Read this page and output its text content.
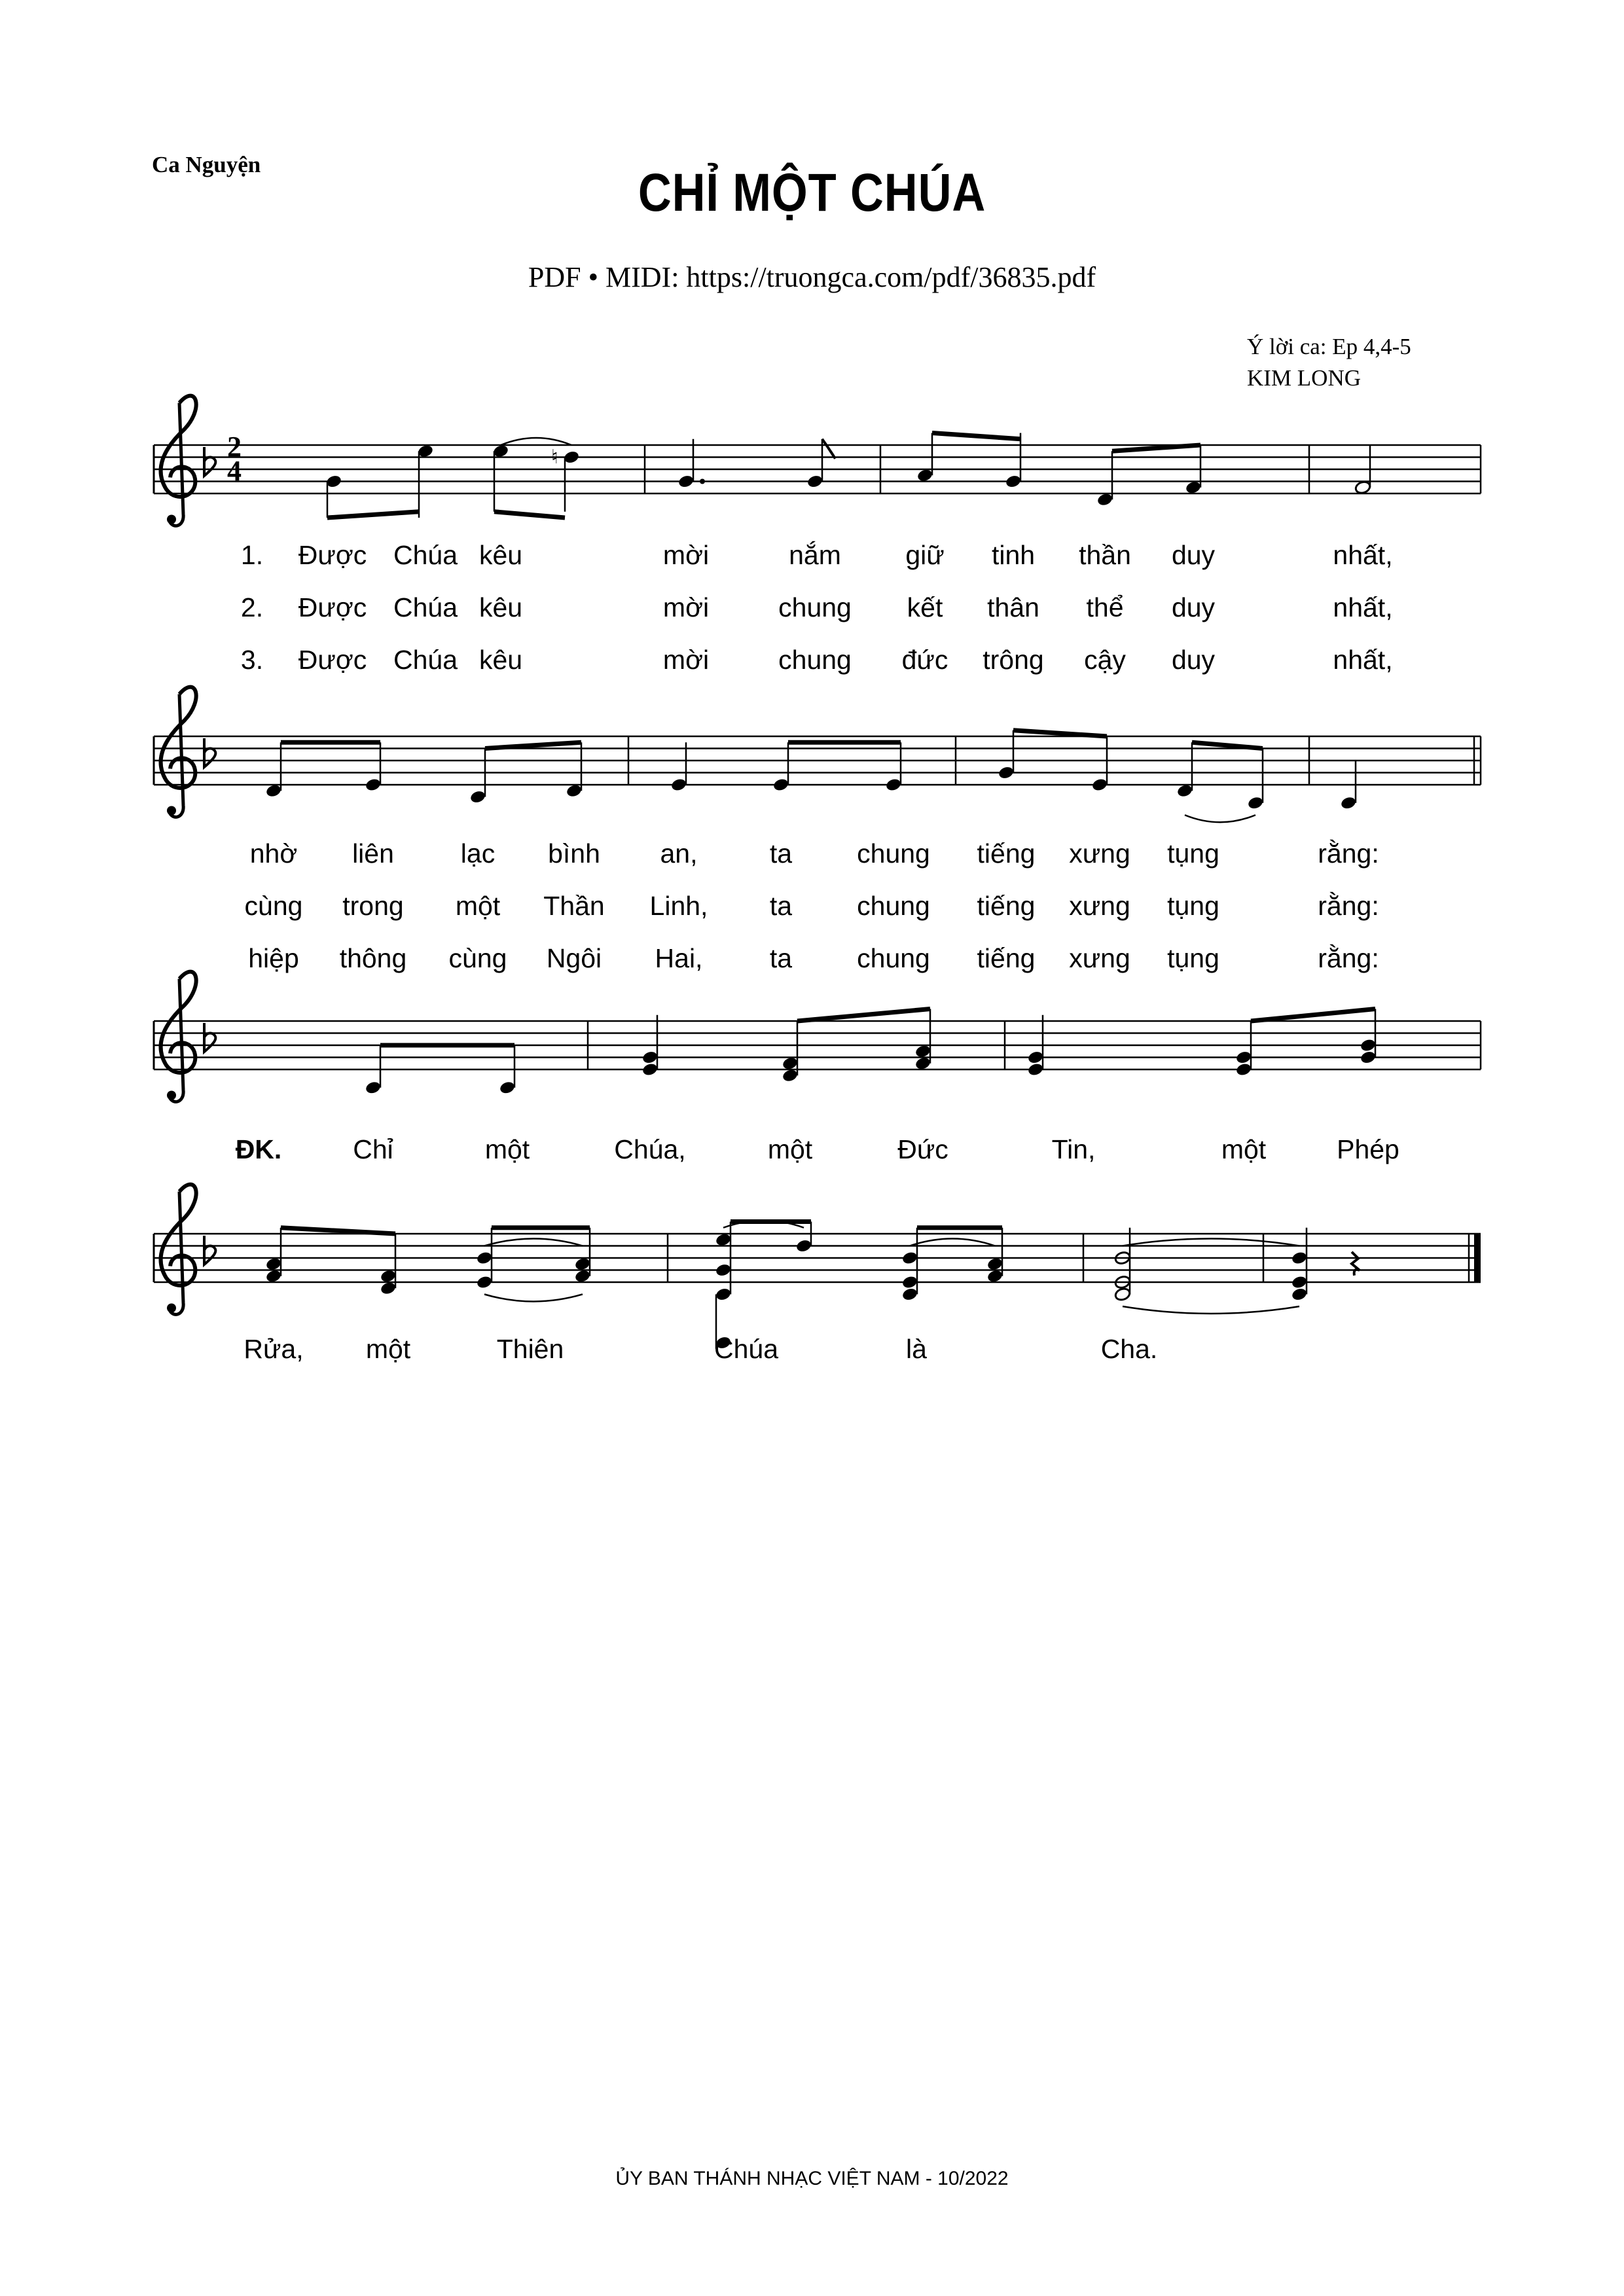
Ca Nguyện	CHỈ MỘT CHÚA
PDF • MIDI: https://truongca.com/pdf/36835.pdf
Ý lời ca: Ep 4,4-5
KIM LONG
2
4	♮
1. Được Chúa kêu	mời	nắm giữ tinh thần duy	nhất,
2. Được Chúa kêu	mời	chung kết thân thể duy	nhất,
3. Được Chúa kêu	mời	chung đức trông cậy duy	nhất,
nhờ liên lạc bình an,	ta chung tiếng xưng tụng	rằng:
cùng trong một Thần Linh, ta chung tiếng xưng tụng	rằng:
hiệp thông cùng Ngôi Hai, ta chung tiếng xưng tụng	rằng:
ĐK.	Chỉ	một	Chúa,	một	Đức	Tin,	một	Phép
Rửa, một	Thiên	Chúa	là	Cha.
ỦY BAN THÁNH NHẠC VIỆT NAM - 10/2022
